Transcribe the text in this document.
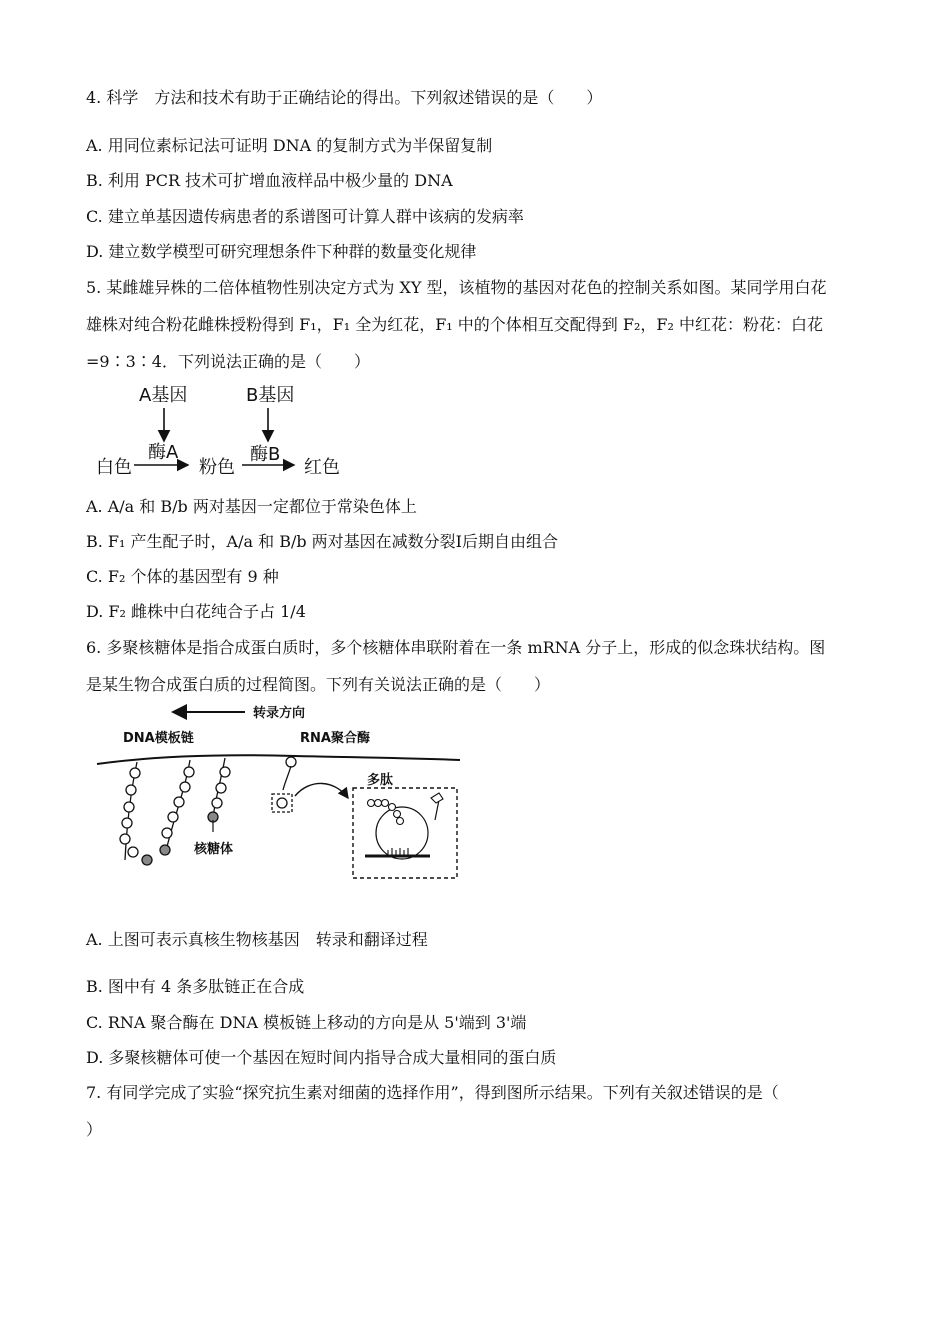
4. 科学　方法和技术有助于正确结论的得出。下列叙述错误的是（　　）
A. 用同位素标记法可证明 DNA 的复制方式为半保留复制
B. 利用 PCR 技术可扩增血液样品中极少量的 DNA
C. 建立单基因遗传病患者的系谱图可计算人群中该病的发病率
D. 建立数学模型可研究理想条件下种群的数量变化规律
5. 某雌雄异株的二倍体植物性别决定方式为 XY 型，该植物的基因对花色的控制关系如图。某同学用白花
雄株对纯合粉花雌株授粉得到 F₁，F₁ 全为红花，F₁ 中的个体相互交配得到 F₂，F₂ 中红花：粉花：白花
=9∶3∶4．下列说法正确的是（　　）
A基因	B基因
酶A	酶B
白色	粉色	红色
A. A/a 和 B/b 两对基因一定都位于常染色体上
B. F₁ 产生配子时，A/a 和 B/b 两对基因在减数分裂Ⅰ后期自由组合
C. F₂ 个体的基因型有 9 种
D. F₂ 雌株中白花纯合子占 1/4
6. 多聚核糖体是指合成蛋白质时，多个核糖体串联附着在一条 mRNA 分子上，形成的似念珠状结构。图
是某生物合成蛋白质的过程简图。下列有关说法正确的是（　　）
转录方向
DNA模板链	RNA聚合酶
核糖体
多肽
A. 上图可表示真核生物核基因　转录和翻译过程
B. 图中有 4 条多肽链正在合成
C. RNA 聚合酶在 DNA 模板链上移动的方向是从 5'端到 3'端
D. 多聚核糖体可使一个基因在短时间内指导合成大量相同的蛋白质
7. 有同学完成了实验“探究抗生素对细菌的选择作用”，得到图所示结果。下列有关叙述错误的是（
）
